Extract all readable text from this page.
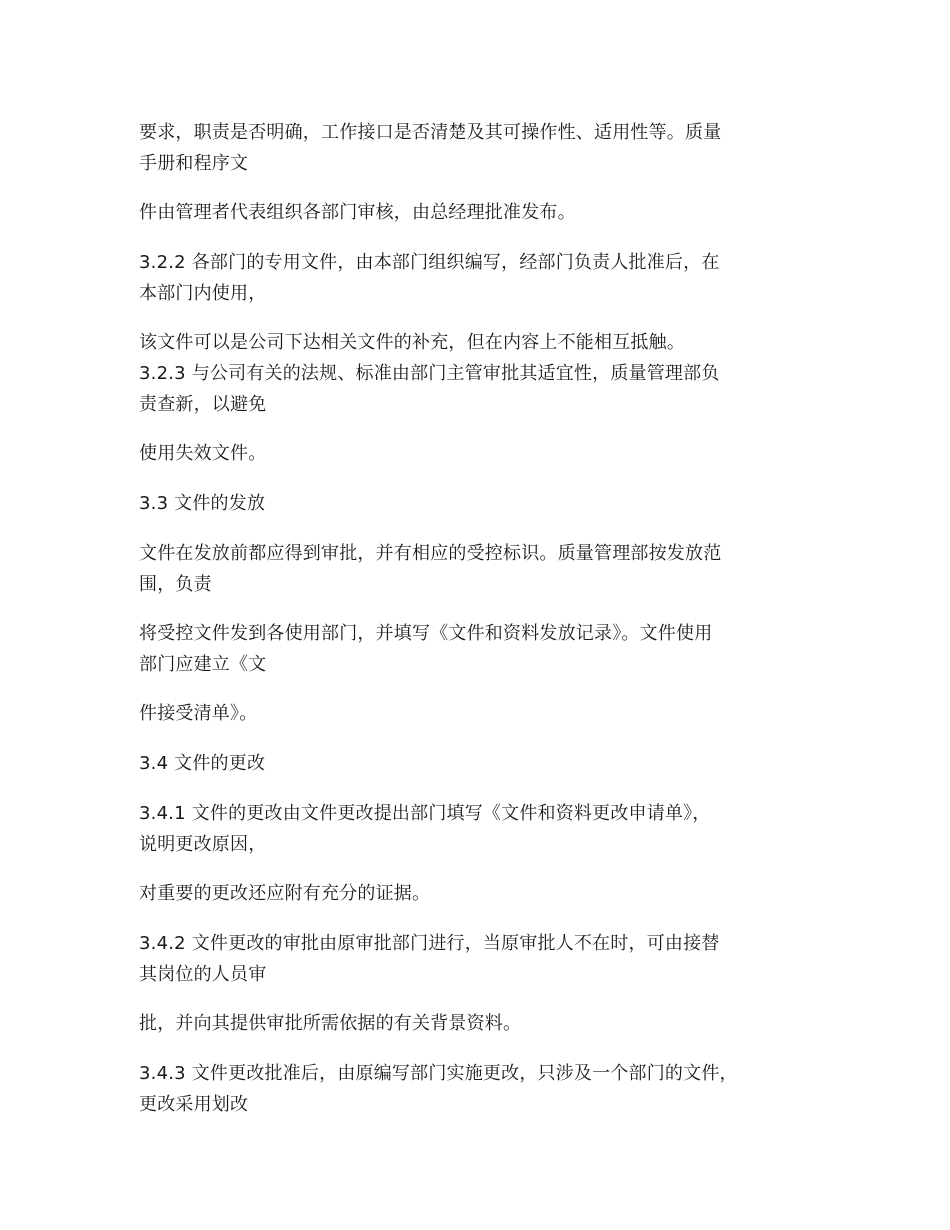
要求，职责是否明确，工作接口是否清楚及其可操作性、适用性等。质量
手册和程序文

件由管理者代表组织各部门审核，由总经理批准发布。

3.2.2 各部门的专用文件，由本部门组织编写，经部门负责人批准后，在
本部门内使用，

该文件可以是公司下达相关文件的补充，但在内容上不能相互抵触。
3.2.3 与公司有关的法规、标准由部门主管审批其适宜性，质量管理部负
责查新，以避免

使用失效文件。

3.3 文件的发放

文件在发放前都应得到审批，并有相应的受控标识。质量管理部按发放范
围，负责

将受控文件发到各使用部门，并填写《文件和资料发放记录》。文件使用
部门应建立《文

件接受清单》。

3.4 文件的更改

3.4.1 文件的更改由文件更改提出部门填写《文件和资料更改申请单》，
说明更改原因，

对重要的更改还应附有充分的证据。

3.4.2 文件更改的审批由原审批部门进行，当原审批人不在时，可由接替
其岗位的人员审

批，并向其提供审批所需依据的有关背景资料。

3.4.3 文件更改批准后，由原编写部门实施更改，只涉及一个部门的文件，
更改采用划改
